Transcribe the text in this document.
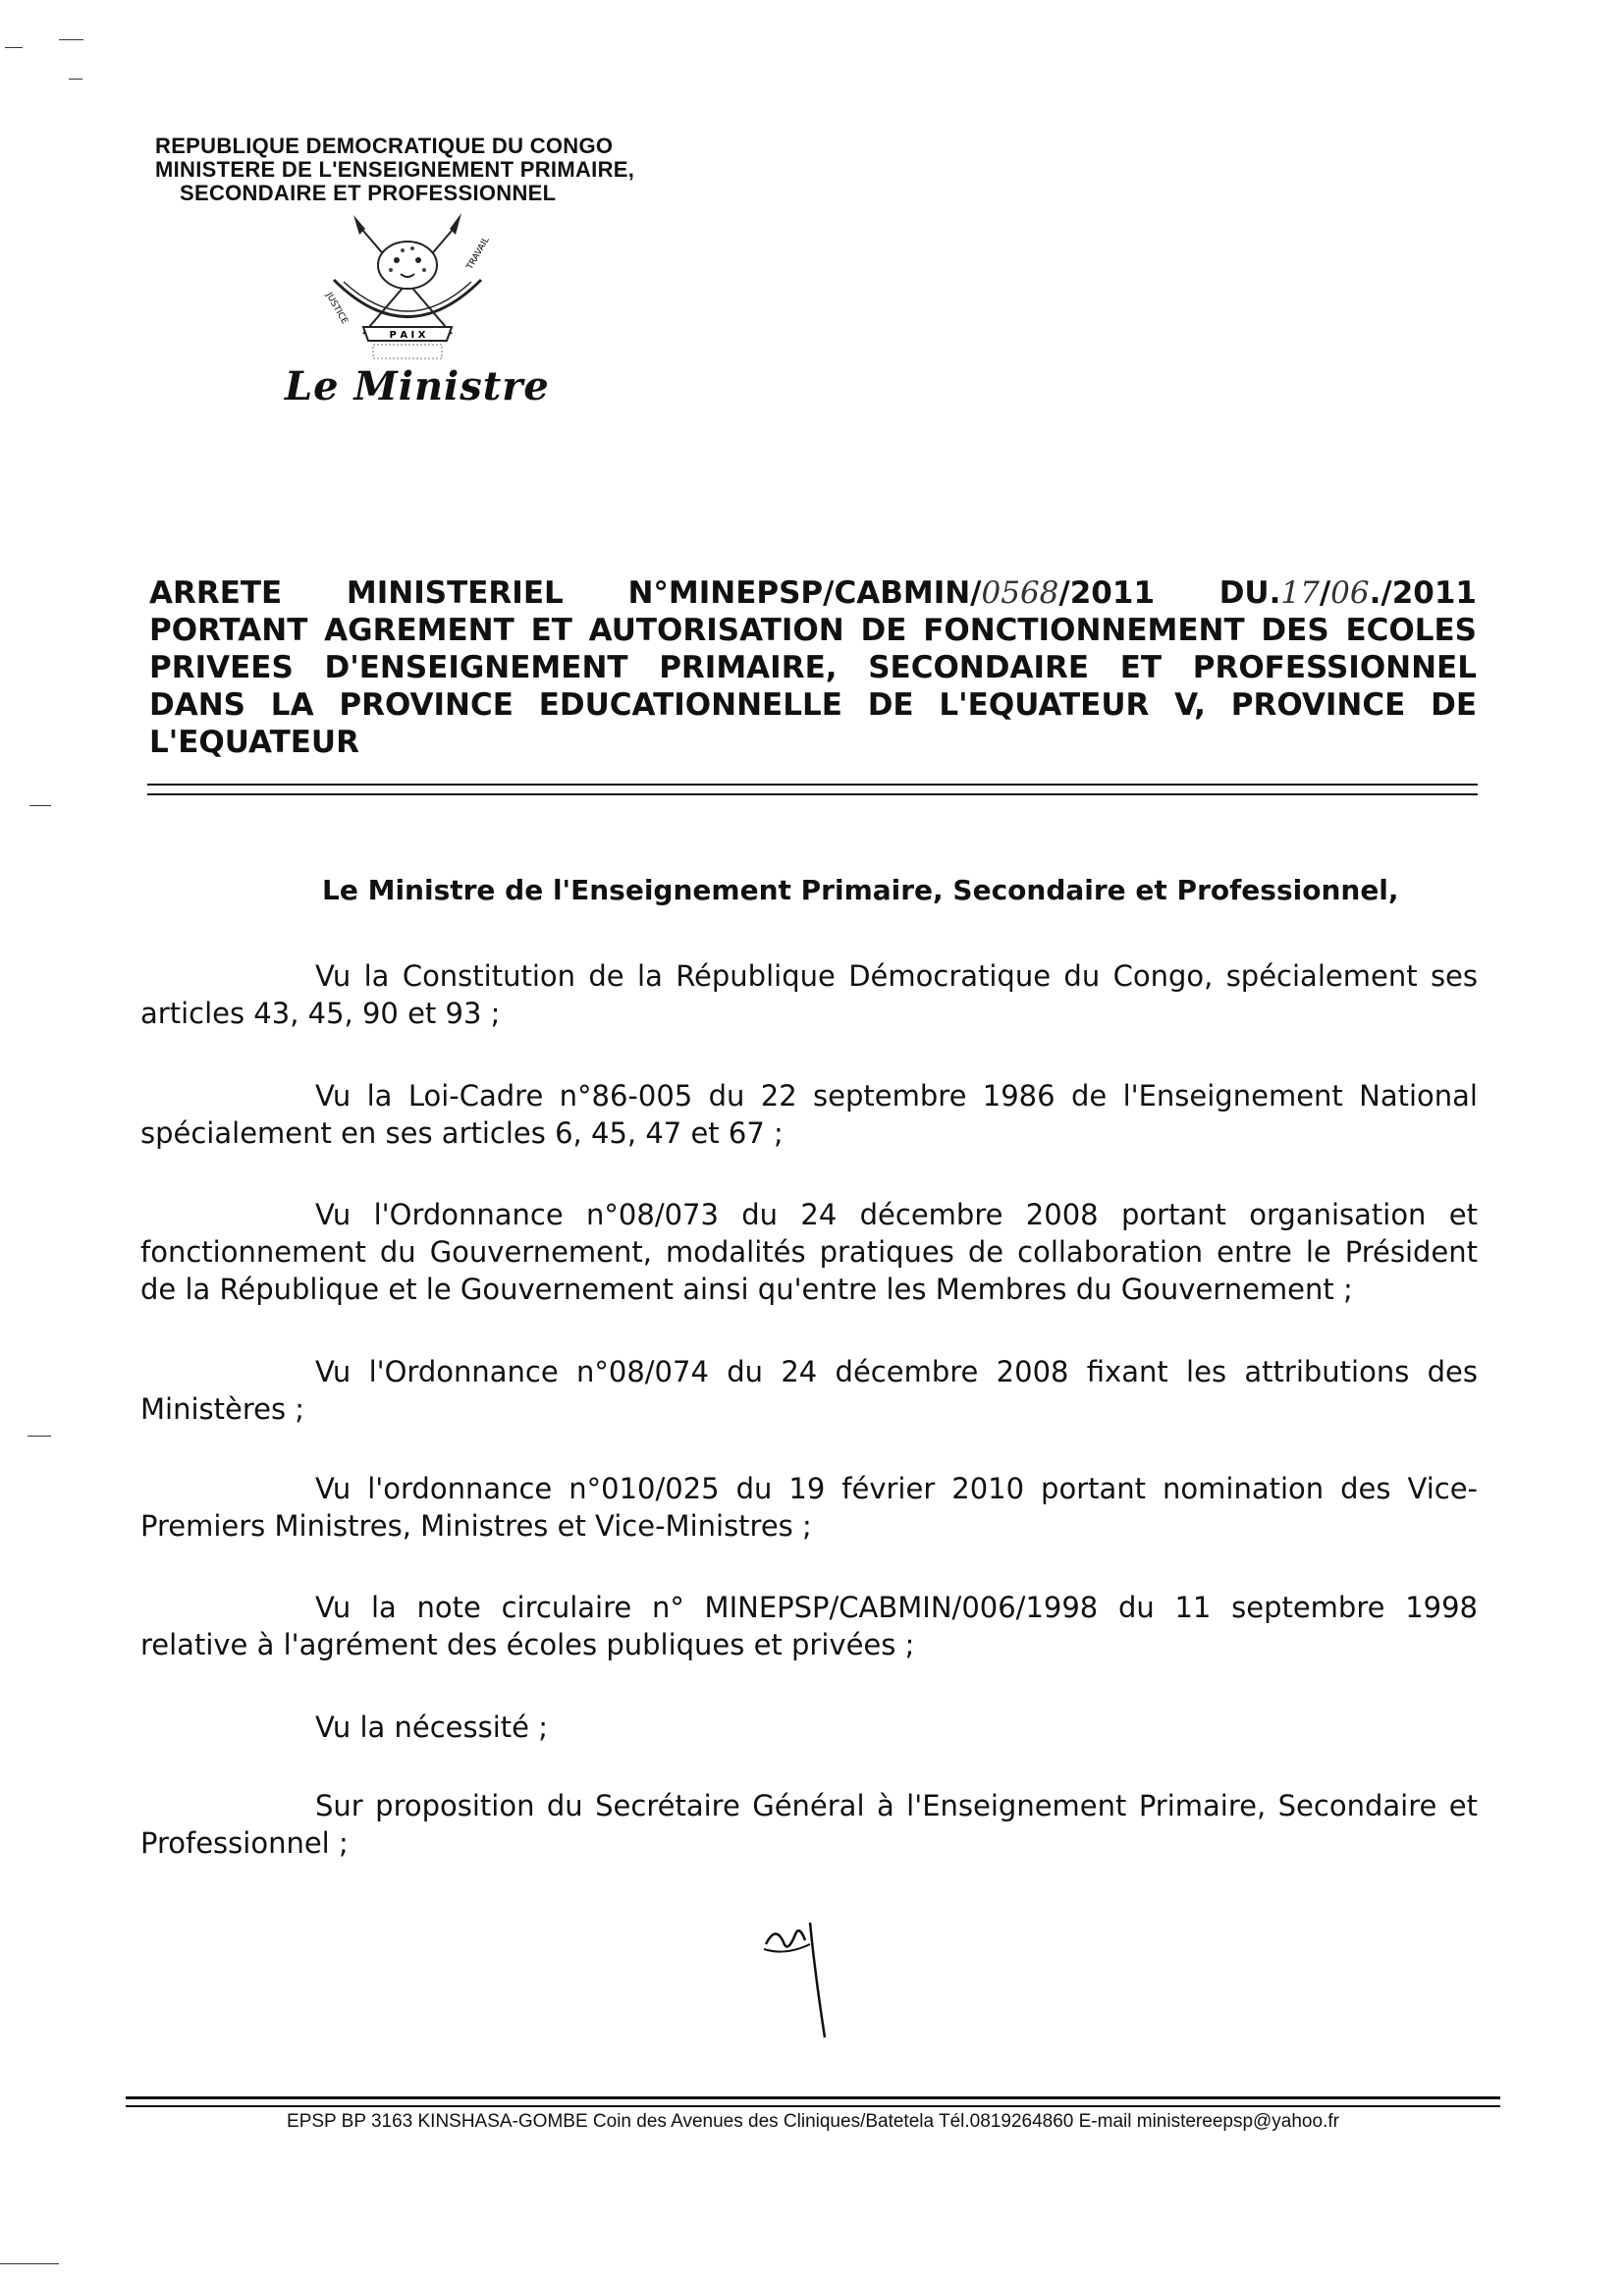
REPUBLIQUE DEMOCRATIQUE DU CONGO
MINISTERE DE L'ENSEIGNEMENT PRIMAIRE,
SECONDAIRE ET PROFESSIONNEL
P A I X
JUSTICE
TRAVAIL
Le Ministre
ARRETE MINISTERIEL N°MINEPSP/CABMIN/0568/2011 DU.17/06./2011
PORTANT AGREMENT ET AUTORISATION DE FONCTIONNEMENT DES ECOLES
PRIVEES D'ENSEIGNEMENT PRIMAIRE, SECONDAIRE ET PROFESSIONNEL
DANS LA PROVINCE EDUCATIONNELLE DE L'EQUATEUR V, PROVINCE DE
L'EQUATEUR
Le Ministre de l'Enseignement Primaire, Secondaire et Professionnel,
Vu la Constitution de la République Démocratique du Congo, spécialement ses articles 43, 45, 90 et 93 ;
Vu la Loi-Cadre n°86-005 du 22 septembre 1986 de l'Enseignement National spécialement en ses articles 6, 45, 47 et 67 ;
Vu l'Ordonnance n°08/073 du 24 décembre 2008 portant organisation et fonctionnement du Gouvernement, modalités pratiques de collaboration entre le Président de la République et le Gouvernement ainsi qu'entre les Membres du Gouvernement ;
Vu l'Ordonnance n°08/074 du 24 décembre 2008 fixant les attributions des Ministères ;
Vu l'ordonnance n°010/025 du 19 février 2010 portant nomination des Vice-Premiers Ministres, Ministres et Vice-Ministres ;
Vu la note circulaire n° MINEPSP/CABMIN/006/1998 du 11 septembre 1998 relative à l'agrément des écoles publiques et privées ;
Vu la nécessité ;
Sur proposition du Secrétaire Général à l'Enseignement Primaire, Secondaire et Professionnel ;
EPSP BP 3163 KINSHASA-GOMBE Coin des Avenues des Cliniques/Batetela Tél.0819264860 E-mail ministereepsp@yahoo.fr
